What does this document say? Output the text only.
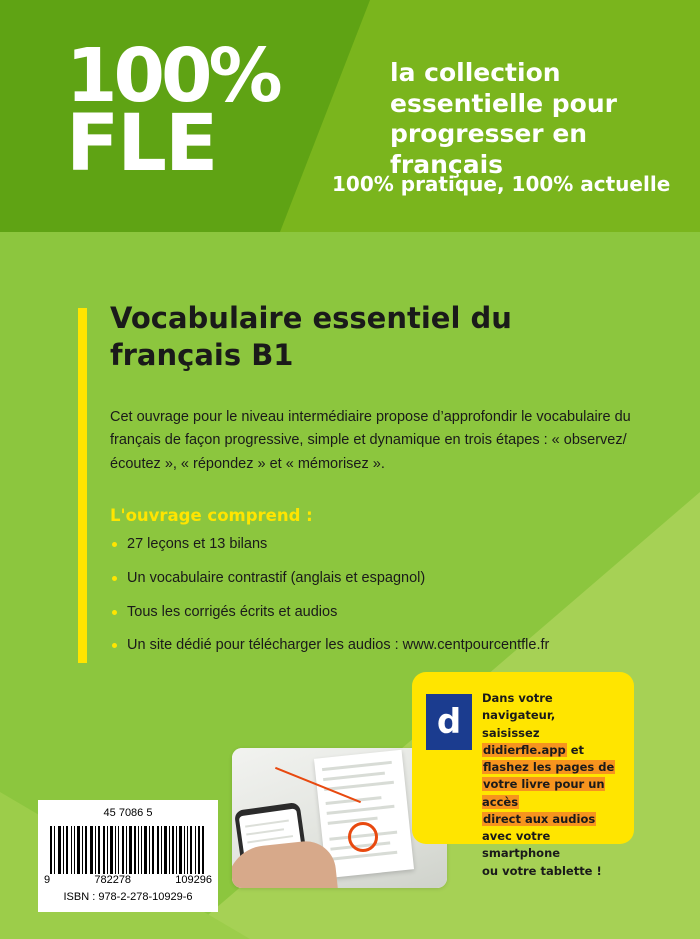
100%
FLE
la collection essentielle pour progresser en français
100% pratique, 100% actuelle
Vocabulaire essentiel du français B1
Cet ouvrage pour le niveau intermédiaire propose d’approfondir le vocabulaire du français de façon progressive, simple et dynamique en trois étapes : « observez/écoutez », « répondez » et « mémorisez ».
L'ouvrage comprend :
27 leçons et 13 bilans
Un vocabulaire contrastif (anglais et espagnol)
Tous les corrigés écrits et audios
Un site dédié pour télécharger les audios : www.centpourcentfle.fr
d
Dans votre navigateur,
saisissez didierfle.app et
flashez les pages de
votre livre pour un accès
direct aux audios
avec votre smartphone
ou votre tablette !
45 7086 5
9	782278	109296
ISBN : 978-2-278-10929-6
